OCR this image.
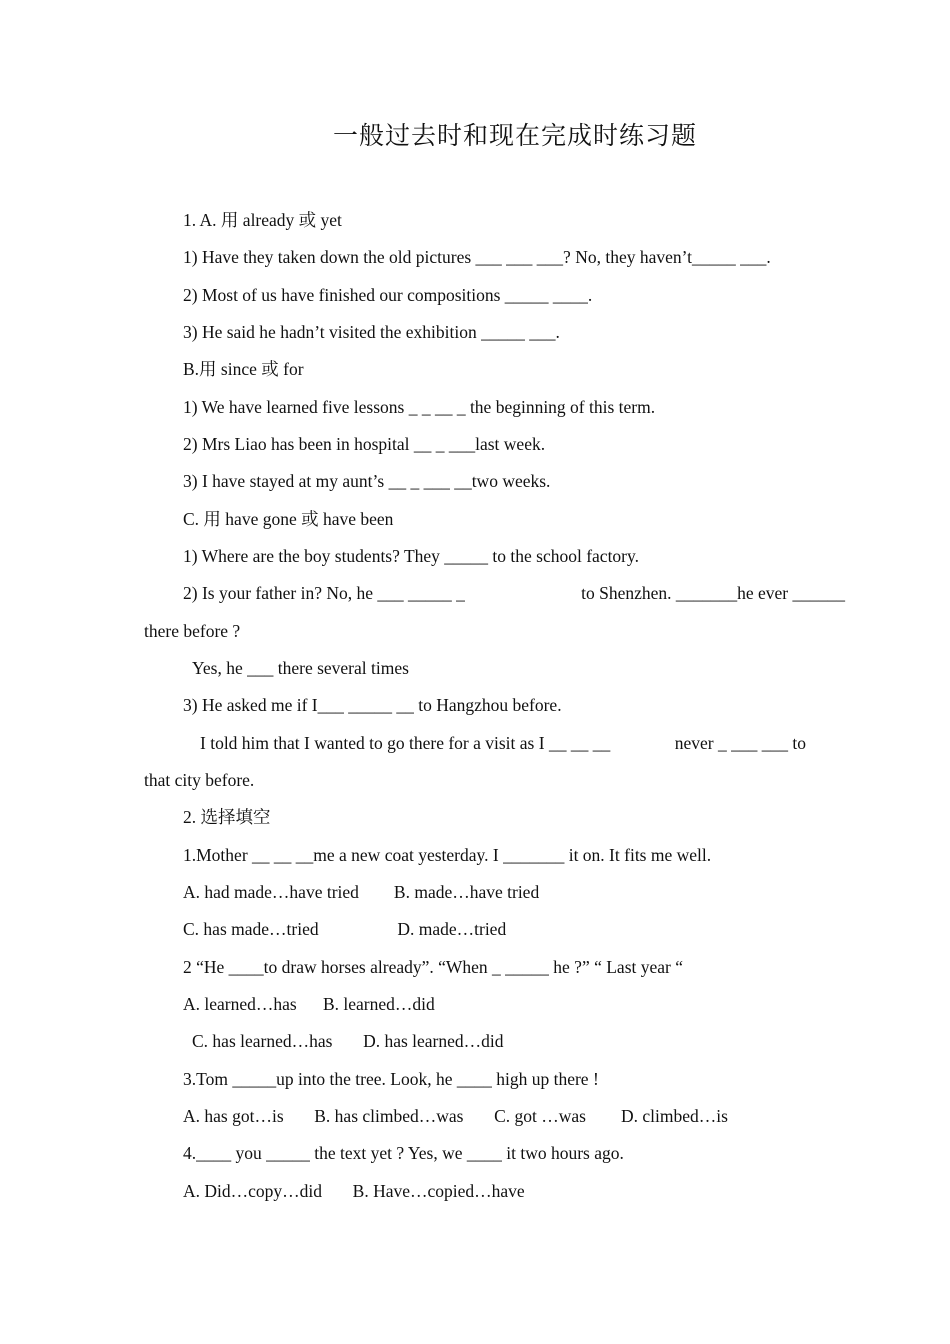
一般过去时和现在完成时练习题
1. A. 用 already 或 yet
1) Have they taken down the old pictures ___ ___ ___? No, they haven’t_____ ___.
2) Most of us have finished our compositions _____ ____.
3) He said he hadn’t visited the exhibition _____ ___.
B.用 since 或 for
1) We have learned five lessons _ _ __ _ the beginning of this term.
2) Mrs Liao has been in hospital __ _ ___last week.
3) I have stayed at my aunt’s __ _ ___ __two weeks.
C. 用 have gone 或 have been
1) Where are the boy students? They _____ to the school factory.
2) Is your father in? No, he ___ _____ _	to Shenzhen. _______he ever ______
there before ?
Yes, he ___ there several times
3) He asked me if I___ _____ __ to Hangzhou before.
I told him that I wanted to go there for a visit as I __ __ __	never _ ___ ___ to
that city before.
2. 选择填空
1.Mother __ __ __me a new coat yesterday. I _______ it on. It fits me well.
A. had made…have tried        B. made…have tried
C. has made…tried                  D. made…tried
2 “He ____to draw horses already”. “When _ _____ he ?” “ Last year “
A. learned…has      B. learned…did
C. has learned…has       D. has learned…did
3.Tom _____up into the tree. Look, he ____ high up there !
A. has got…is       B. has climbed…was       C. got …was        D. climbed…is
4.____ you _____ the text yet ? Yes, we ____ it two hours ago.
A. Did…copy…did       B. Have…copied…have
